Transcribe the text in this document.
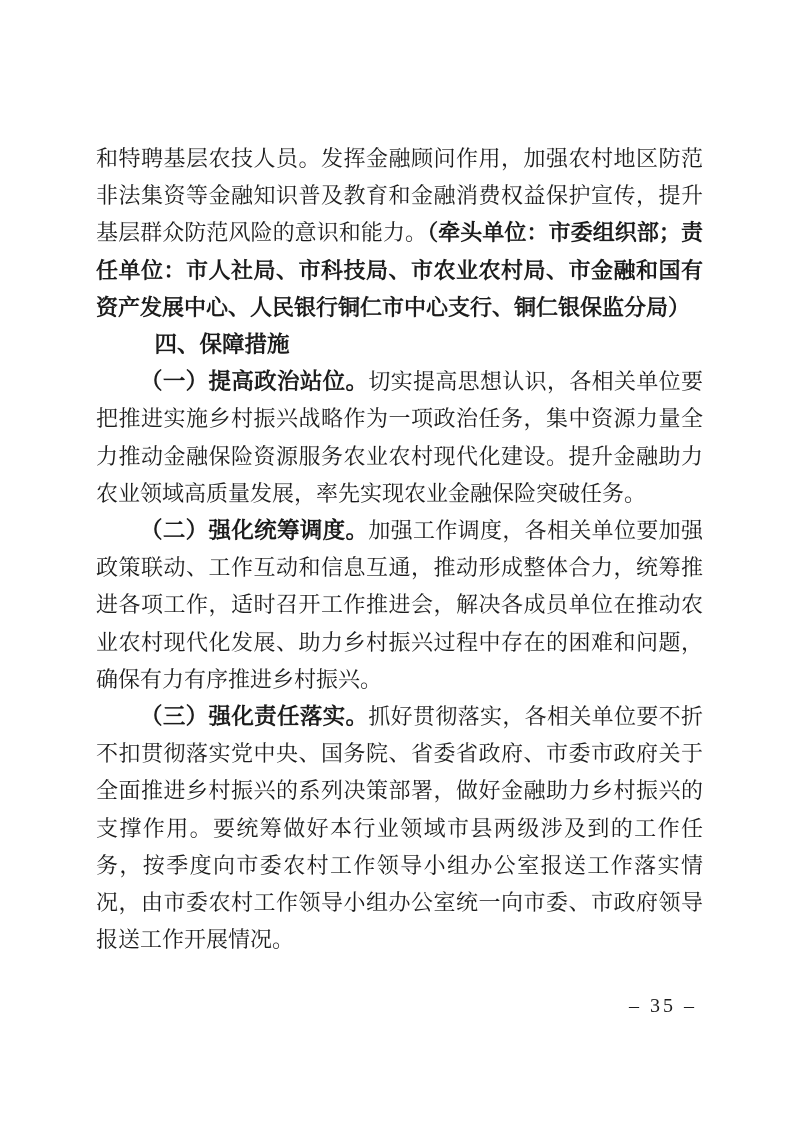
和特聘基层农技人员。发挥金融顾问作用，加强农村地区防范非法集资等金融知识普及教育和金融消费权益保护宣传，提升基层群众防范风险的意识和能力。（牵头单位：市委组织部；责任单位：市人社局、市科技局、市农业农村局、市金融和国有资产发展中心、人民银行铜仁市中心支行、铜仁银保监分局）

四、保障措施

（一）提高政治站位。切实提高思想认识，各相关单位要把推进实施乡村振兴战略作为一项政治任务，集中资源力量全力推动金融保险资源服务农业农村现代化建设。提升金融助力农业领域高质量发展，率先实现农业金融保险突破任务。

（二）强化统筹调度。加强工作调度，各相关单位要加强政策联动、工作互动和信息互通，推动形成整体合力，统筹推进各项工作，适时召开工作推进会，解决各成员单位在推动农业农村现代化发展、助力乡村振兴过程中存在的困难和问题，确保有力有序推进乡村振兴。

（三）强化责任落实。抓好贯彻落实，各相关单位要不折不扣贯彻落实党中央、国务院、省委省政府、市委市政府关于全面推进乡村振兴的系列决策部署，做好金融助力乡村振兴的支撑作用。要统筹做好本行业领域市县两级涉及到的工作任务，按季度向市委农村工作领导小组办公室报送工作落实情况，由市委农村工作领导小组办公室统一向市委、市政府领导报送工作开展情况。

– 35 –
